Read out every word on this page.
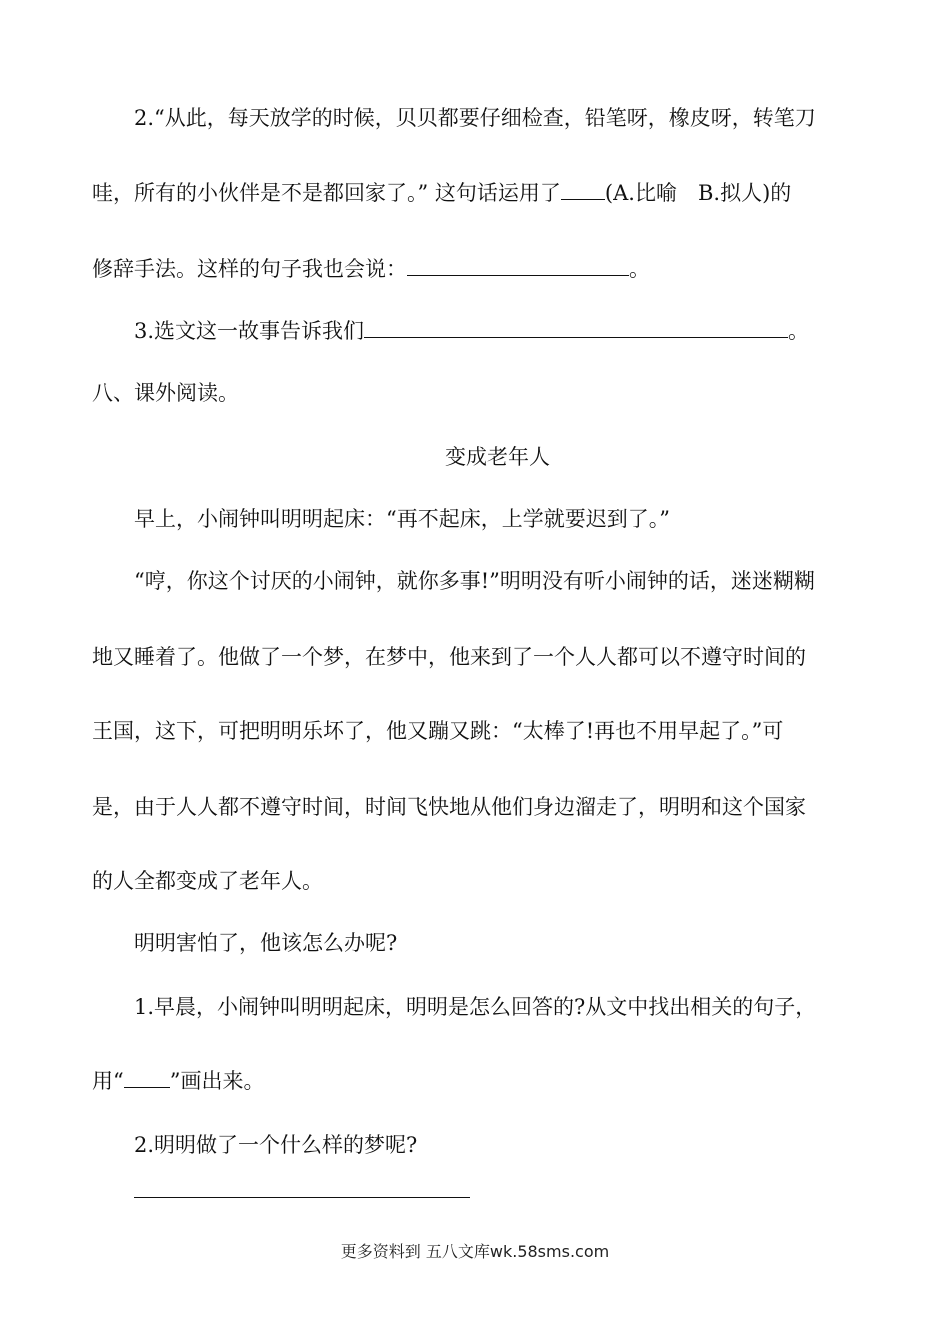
2.“从此，每天放学的时候，贝贝都要仔细检查，铅笔呀，橡皮呀，转笔刀
哇，所有的小伙伴是不是都回家了。” 这句话运用了 (A.比喻　B.拟人)的
修辞手法。这样的句子我也会说：	。
3.选文这一故事告诉我们	。
八、课外阅读。
变成老年人
早上，小闹钟叫明明起床：“再不起床，上学就要迟到了。”
“哼，你这个讨厌的小闹钟，就你多事!”明明没有听小闹钟的话，迷迷糊糊
地又睡着了。他做了一个梦，在梦中，他来到了一个人人都可以不遵守时间的
王国，这下，可把明明乐坏了，他又蹦又跳：“太棒了!再也不用早起了。”可
是，由于人人都不遵守时间，时间飞快地从他们身边溜走了，明明和这个国家
的人全都变成了老年人。
明明害怕了，他该怎么办呢?
1.早晨，小闹钟叫明明起床，明明是怎么回答的?从文中找出相关的句子，
用“ ”画出来。
2.明明做了一个什么样的梦呢?
更多资料到 五八文库wk.58sms.com
